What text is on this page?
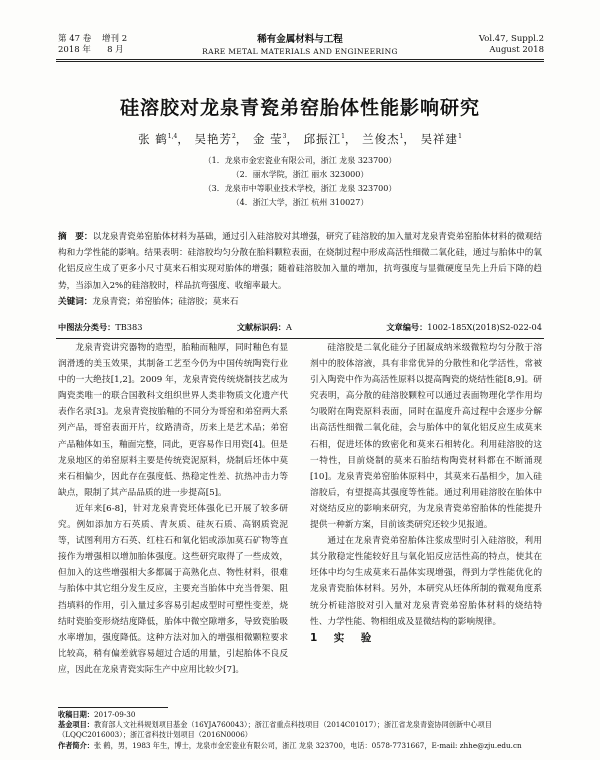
第 47 卷 增刊 2
2018 年 8 月
稀有金属材料与工程
RARE METAL MATERIALS AND ENGINEERING
Vol.47, Suppl.2
August 2018
硅溶胶对龙泉青瓷弟窑胎体性能影响研究
张 鹤$^{1,4}$， 吴艳芳$^2$， 金 莹$^3$， 邱振江$^1$， 兰俊杰$^1$， 吴祥建$^1$
（1．龙泉市金宏瓷业有限公司，浙江 龙泉 323700）
（2．丽水学院，浙江 丽水 323000）
（3．龙泉市中等职业技术学校，浙江 龙泉 323700）
（4．浙江大学，浙江 杭州 310027）

摘　要：以龙泉青瓷弟窑胎体材料为基础，通过引入硅溶胶对其增强，研究了硅溶胶的加入量对龙泉青瓷弟窑胎体材料的微观结构和力学性能的影响。结果表明：硅溶胶均匀分散在胎料颗粒表面，在烧制过程中形成高活性细微二氧化硅，通过与胎体中的氧化铝反应生成了更多小尺寸莫来石相实现对胎体的增强；随着硅溶胶加入量的增加，抗弯强度与显微硬度呈先上升后下降的趋势，当添加入2%的硅溶胶时，样品抗弯强度、收缩率最大。

关键词：龙泉青瓷；弟窑胎体；硅溶胶；莫来石

中图法分类号：TB383	文献标识码：A	文章编号：1002-185X(2018)S2-022-04

龙泉青瓷讲究器物的造型，胎釉而釉厚，同时釉色有显润滑透的美玉效果，其制备工艺至今仍为中国传统陶瓷行业中的一大绝技[1,2]。2009 年，龙泉青瓷传统烧制技艺成为陶瓷类唯一的联合国教科文组织世界人类非物质文化遗产代表作名录[3]。龙泉青瓷按胎釉的不同分为哥窑和弟窑两大系列产品，哥窑表面开片，纹路清奇，历来上是艺术品；弟窑产品釉体如玉，釉面完整，同此，更容易作日用瓷[4]。但是龙泉地区的弟窑原料主要是传统瓷泥原料，烧制后坯体中莫来石相偏少，因此存在强度低、热稳定性差、抗热冲击力等缺点，限制了其产品品质的进一步提高[5]。

近年来[6-8]，针对龙泉青瓷坯体强化已开展了较多研究。例如添加方石英质、青灰质、硅灰石质、高钢质瓷泥等，试图利用方石英、红柱石和氧化铝或添加莫石矿物等直接作为增强相以增加胎体强度。这些研究取得了一些成效，但加入的这些增强相大多都属于高熟化点、物性材料，很难与胎体中其它组分发生反应，主要充当胎体中充当骨架、阻挡填料的作用，引入量过多容易引起成型时可塑性变差，烧结时瓷胎变形烧结度降低，胎体中微空隙增多，导致瓷胎吸水率增加，强度降低。这种方法对加入的增强相微颗粒要求比较高，稍有偏差就容易超过合适的用量，引起胎体不良反应，因此在龙泉青瓷实际生产中应用比较少[7]。

硅溶胶是二氧化硅分子团凝成纳米级微粒均匀分散于溶剂中的胶体溶液，具有非常优异的分散性和化学活性，常被引入陶瓷中作为高活性原料以提高陶瓷的烧结性能[8,9]。研究表明，高分散的硅溶胶颗粒可以通过表面物理化学作用均匀吸附在陶瓷原料表面，同时在温度升高过程中会逐步分解出高活性细微二氧化硅，会与胎体中的氧化铝反应生成莫来石相，促进坯体的致密化和莫来石相转化。利用硅溶胶的这一特性，目前烧制的莫来石胎结构陶瓷材料都在不断涌现[10]。龙泉青瓷弟窑胎体原料中，其莫来石晶相少，加入硅溶胶后，有望提高其强度等性能。通过利用硅溶胶在胎体中对烧结反应的影响来研究，为龙泉青瓷弟窑胎体的性能提升提供一种新方案，目前该类研究还较少见报道。

通过在龙泉青瓷弟窑胎体注浆成型时引入硅溶胶，利用其分散稳定性能较好且与氧化铝反应活性高的特点，使其在坯体中均匀生成莫来石晶体实现增强，得到力学性能优化的龙泉青瓷胎体材料。另外，本研究从坯体所制的微观角度系统分析硅溶胶对引入量对龙泉青瓷弟窑胎体材料的烧结特性、力学性能、物相组成及显微结构的影响规律。

1　实　验

收稿日期：2017-09-30
基金项目：教育部人文社科规划项目基金（16YJA760043）；浙江省重点科技项目（2014C01017）；浙江省龙泉青瓷协同创新中心项目（LQQC2016003）；浙江省科技计划项目（2016N0006）
作者简介：张 鹤，男，1983 年生，博士，龙泉市金宏瓷业有限公司，浙江 龙泉 323700，电话：0578-7731667，E-mail: zhhe@zju.edu.cn
